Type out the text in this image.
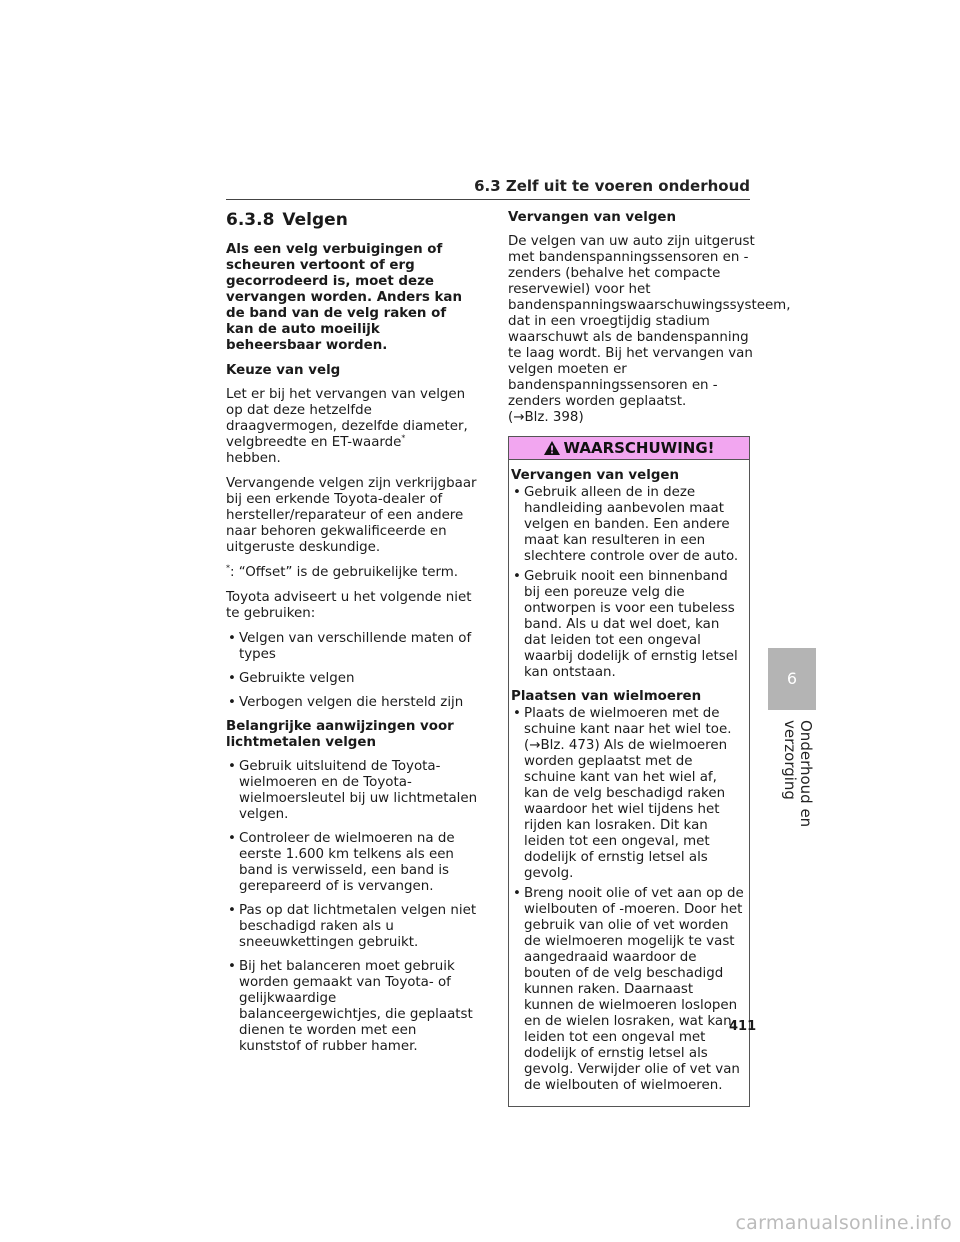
6.3 Zelf uit te voeren onderhoud
6.3.8 Velgen

Als een velg verbuigingen of scheuren vertoont of erg gecorrodeerd is, moet deze vervangen worden. Anders kan de band van de velg raken of kan de auto moeilijk beheersbaar worden.

Keuze van velg

Let er bij het vervangen van velgen op dat deze hetzelfde draagvermogen, dezelfde diameter, velgbreedte en ET-waarde*
hebben.

Vervangende velgen zijn verkrijgbaar bij een erkende Toyota-dealer of hersteller/reparateur of een andere naar behoren gekwalificeerde en uitgeruste deskundige.

*: “Offset” is de gebruikelijke term.

Toyota adviseert u het volgende niet te gebruiken:

• Velgen van verschillende maten of types
• Gebruikte velgen
• Verbogen velgen die hersteld zijn

Belangrijke aanwijzingen voor lichtmetalen velgen

• Gebruik uitsluitend de Toyota-wielmoeren en de Toyota-wielmoersleutel bij uw lichtmetalen velgen.
• Controleer de wielmoeren na de eerste 1.600 km telkens als een band is verwisseld, een band is gerepareerd of is vervangen.
• Pas op dat lichtmetalen velgen niet beschadigd raken als u sneeuwkettingen gebruikt.
• Bij het balanceren moet gebruik worden gemaakt van Toyota- of gelijkwaardige balanceergewichtjes, die geplaatst dienen te worden met een kunststof of rubber hamer.

Vervangen van velgen

De velgen van uw auto zijn uitgerust met bandenspanningssensoren en -zenders (behalve het compacte reservewiel) voor het bandenspanningswaarschuwingssysteem, dat in een vroegtijdig stadium waarschuwt als de bandenspanning te laag wordt. Bij het vervangen van velgen moeten er bandenspanningssensoren en -zenders worden geplaatst.
(→Blz. 398)

WAARSCHUWING!

Vervangen van velgen

• Gebruik alleen de in deze handleiding aanbevolen maat velgen en banden. Een andere maat kan resulteren in een slechtere controle over de auto.
• Gebruik nooit een binnenband bij een poreuze velg die ontworpen is voor een tubeless band. Als u dat wel doet, kan dat leiden tot een ongeval waarbij dodelijk of ernstig letsel kan ontstaan.

Plaatsen van wielmoeren

• Plaats de wielmoeren met de schuine kant naar het wiel toe. (→Blz. 473) Als de wielmoeren worden geplaatst met de schuine kant van het wiel af, kan de velg beschadigd raken waardoor het wiel tijdens het rijden kan losraken. Dit kan leiden tot een ongeval, met dodelijk of ernstig letsel als gevolg.
• Breng nooit olie of vet aan op de wielbouten of -moeren. Door het gebruik van olie of vet worden de wielmoeren mogelijk te vast aangedraaid waardoor de bouten of de velg beschadigd kunnen raken. Daarnaast kunnen de wielmoeren loslopen en de wielen losraken, wat kan leiden tot een ongeval met dodelijk of ernstig letsel als gevolg. Verwijder olie of vet van de wielbouten of wielmoeren.
6
Onderhoud en verzorging
411
carmanualsonline.info
